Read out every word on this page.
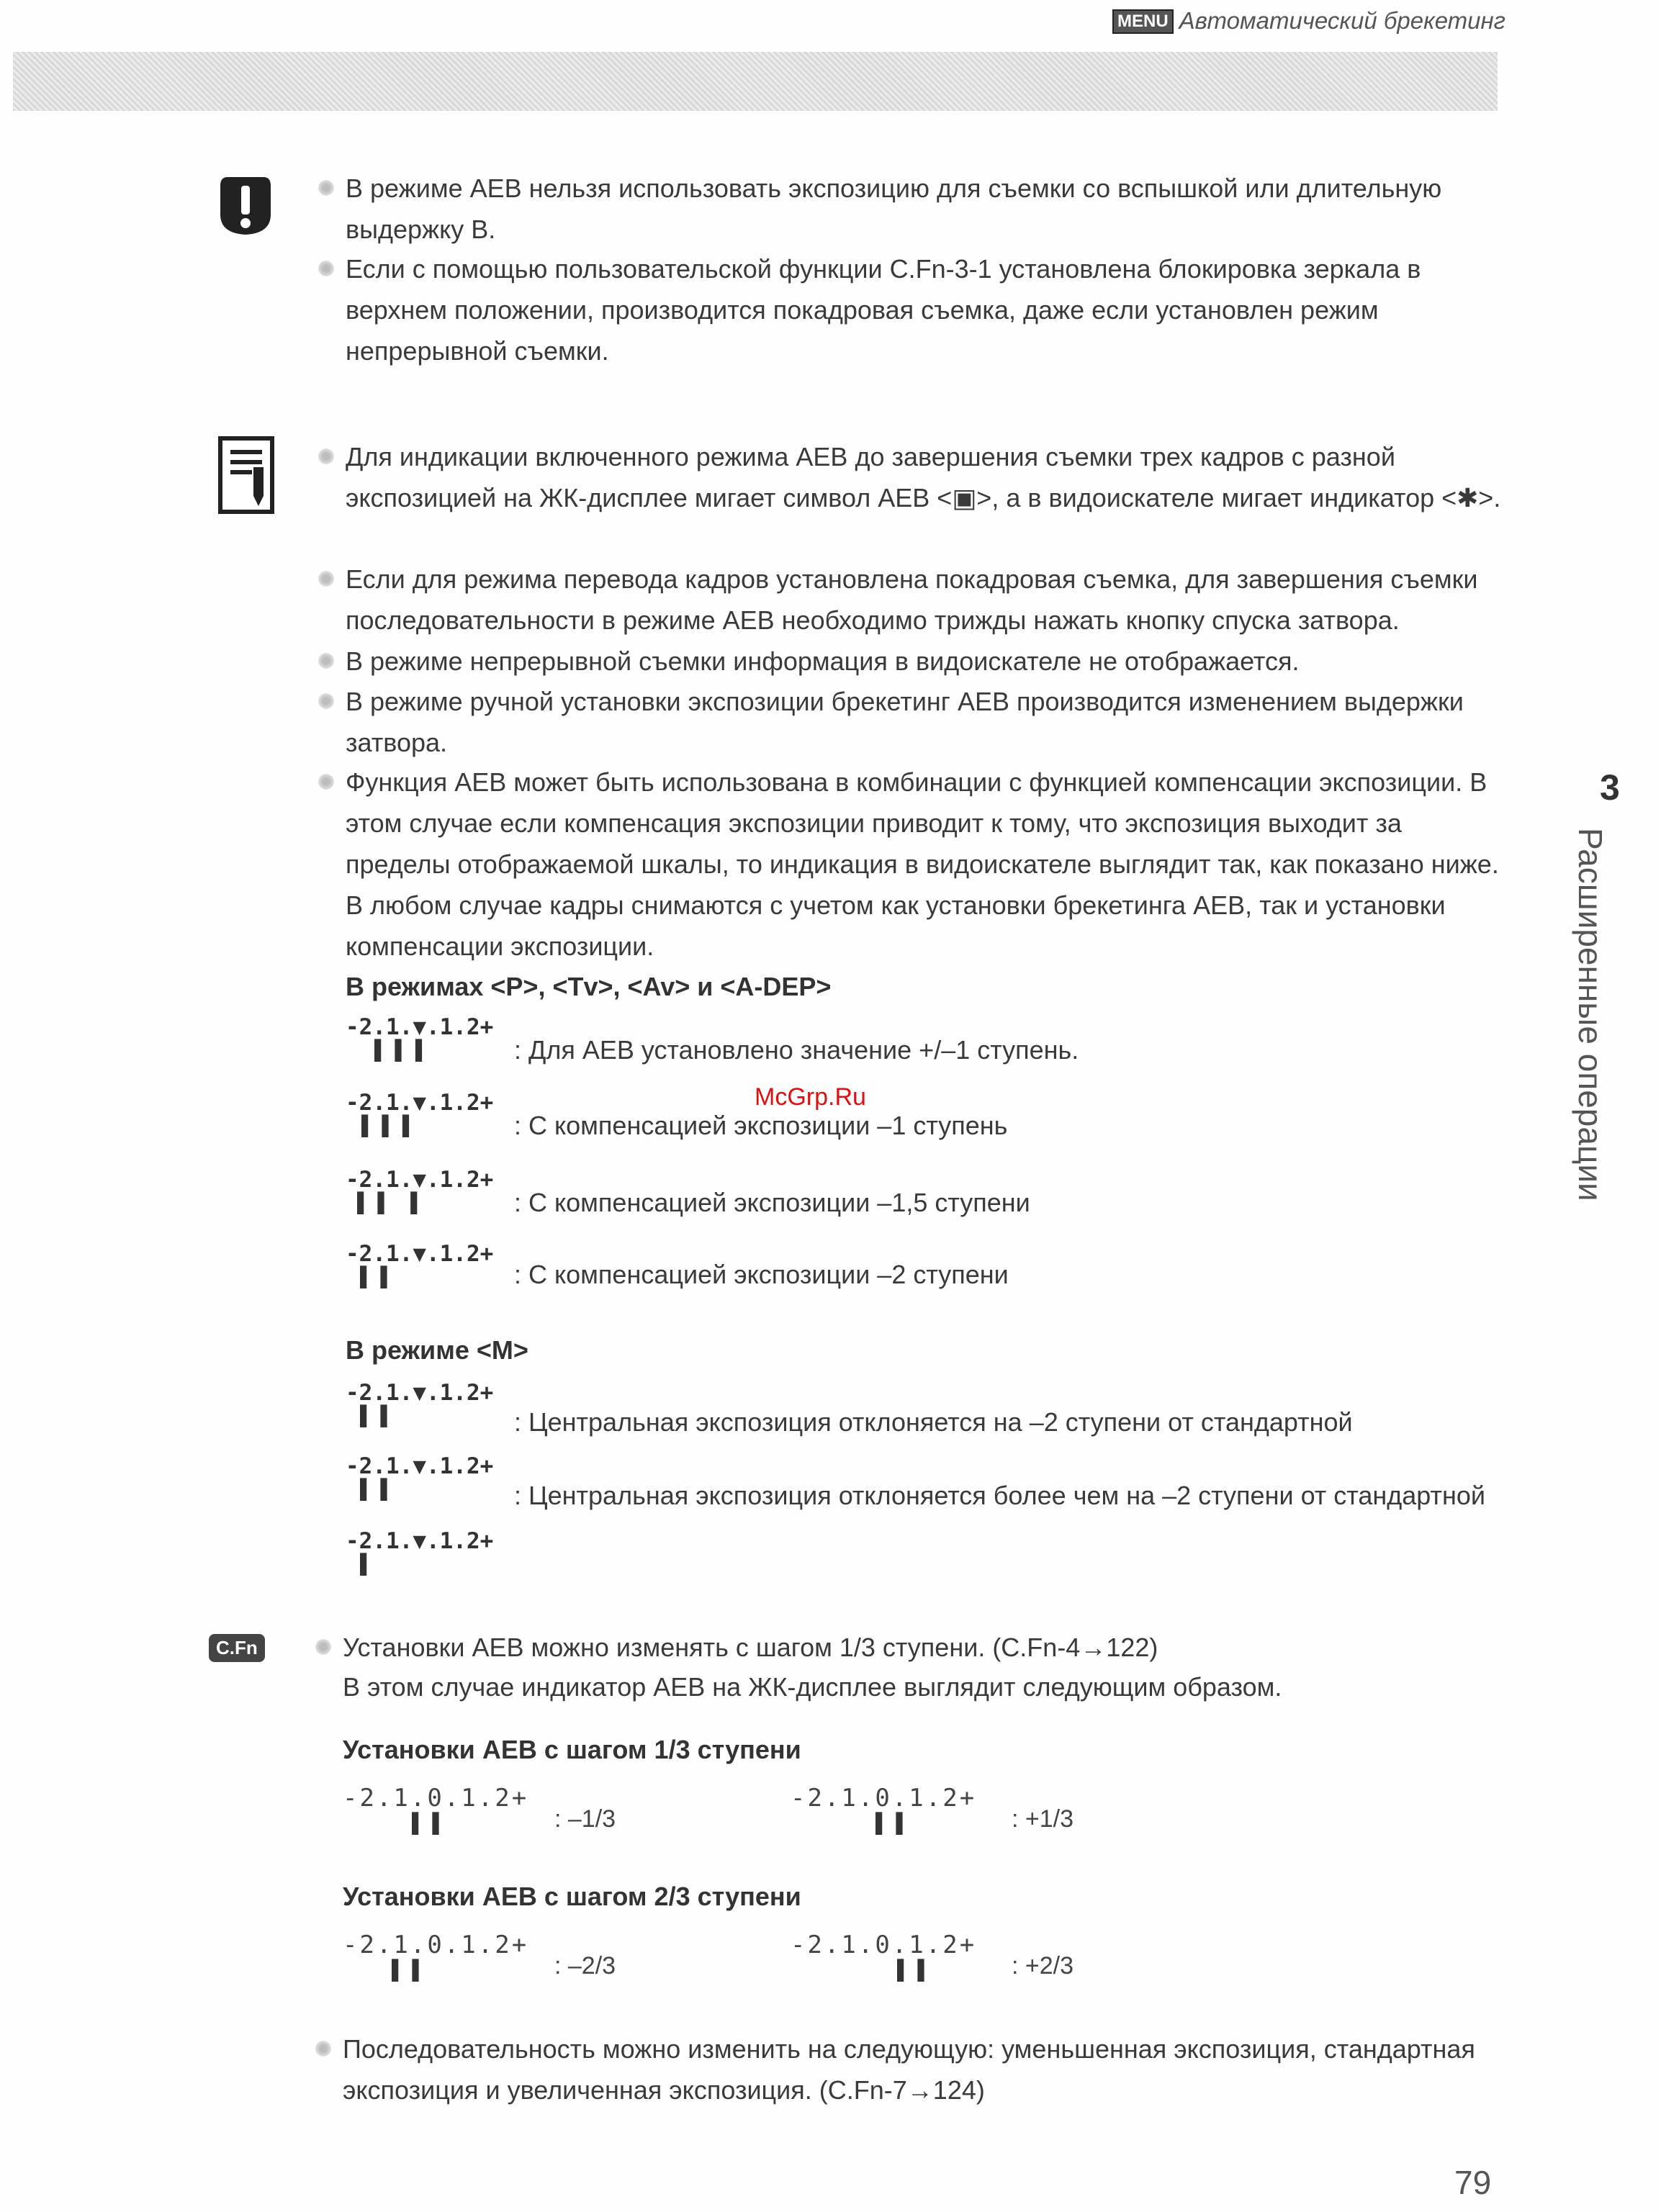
MENU Автоматический брекетинг
В режиме AEB нельзя использовать экспозицию для съемки со вспышкой или длительную выдержку B.
Если с помощью пользовательской функции C.Fn-3-1 установлена блокировка зеркала в верхнем положении, производится покадровая съемка, даже если установлен режим непрерывной съемки.
Для индикации включенного режима AEB до завершения съемки трех кадров с разной экспозицией на ЖК-дисплее мигает символ AEB <▣>, а в видоискателе мигает индикатор <✱>.
Если для режима перевода кадров установлена покадровая съемка, для завершения съемки последовательности в режиме AEB необходимо трижды нажать кнопку спуска затвора.
В режиме непрерывной съемки информация в видоискателе не отображается.
В режиме ручной установки экспозиции брекетинг AEB производится изменением выдержки затвора.
Функция AEB может быть использована в комбинации с функцией компенсации экспозиции. В этом случае если компенсация экспозиции приводит к тому, что экспозиция выходит за пределы отображаемой шкалы, то индикация в видоискателе выглядит так, как показано ниже. В любом случае кадры снимаются с учетом как установки брекетинга AEB, так и установки компенсации экспозиции.
В режимах <P>, <Tv>, <Av> и <A-DEP>
-2.1.▼.1.2+
▌▌▌	: Для AEB установлено значение +/–1 ступень.
-2.1.▼.1.2+
▌▌▌	: С компенсацией экспозиции –1 ступень
-2.1.▼.1.2+
▌▌ ▌	: С компенсацией экспозиции –1,5 ступени
-2.1.▼.1.2+
▌▌	: С компенсацией экспозиции –2 ступени
В режиме <M>
-2.1.▼.1.2+
▌▌	: Центральная экспозиция отклоняется на –2 ступени от стандартной
-2.1.▼.1.2+
▌▌	: Центральная экспозиция отклоняется более чем на –2 ступени от стандартной
-2.1.▼.1.2+
▌
C.Fn	Установки AEB можно изменять с шагом 1/3 ступени. (C.Fn-4→122)
В этом случае индикатор AEB на ЖК-дисплее выглядит следующим образом.
Установки AEB с шагом 1/3 ступени
-2.1.0.1.2+
▌▌	: –1/3
-2.1.0.1.2+
▌▌	: +1/3
Установки AEB с шагом 2/3 ступени
-2.1.0.1.2+
▌▌	: –2/3
-2.1.0.1.2+
▌▌	: +2/3
Последовательность можно изменить на следующую: уменьшенная экспозиция, стандартная экспозиция и увеличенная экспозиция. (C.Fn-7→124)
3
Расширенные операции
McGrp.Ru
79
